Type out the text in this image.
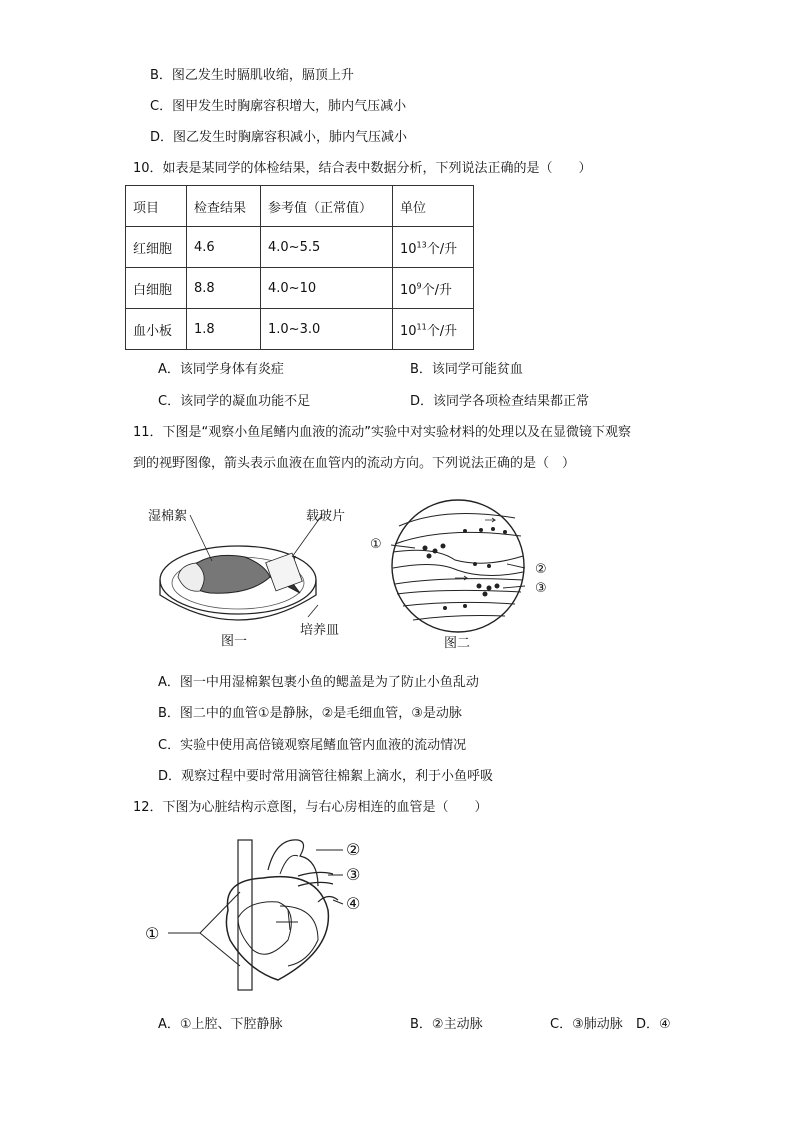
B．图乙发生时膈肌收缩，膈顶上升
C．图甲发生时胸廓容积增大，肺内气压减小
D．图乙发生时胸廓容积减小，肺内气压减小
10．如表是某同学的体检结果，结合表中数据分析，下列说法正确的是（　　）
项目	检查结果	参考值（正常值）	单位
红细胞	4.6	4.0~5.5	$10^{13}$个/升
白细胞	8.8	4.0~10	$10^9$个/升
血小板	1.8	1.0~3.0	$10^{11}$个/升
A．该同学身体有炎症	B．该同学可能贫血
C．该同学的凝血功能不足	D．该同学各项检查结果都正常
11．下图是“观察小鱼尾鳍内血液的流动”实验中对实验材料的处理以及在显微镜下观察
到的视野图像，箭头表示血液在血管内的流动方向。下列说法正确的是（　）
湿棉絮	载玻片
培养皿
图一
①
②
③
图二
A．图一中用湿棉絮包裹小鱼的鳃盖是为了防止小鱼乱动
B．图二中的血管①是静脉，②是毛细血管，③是动脉
C．实验中使用高倍镜观察尾鳍血管内血液的流动情况
D．观察过程中要时常用滴管往棉絮上滴水，利于小鱼呼吸
12．下图为心脏结构示意图，与右心房相连的血管是（　　）
①
②
③
④
A．①上腔、下腔静脉	B．②主动脉	C．③肺动脉 D．④
